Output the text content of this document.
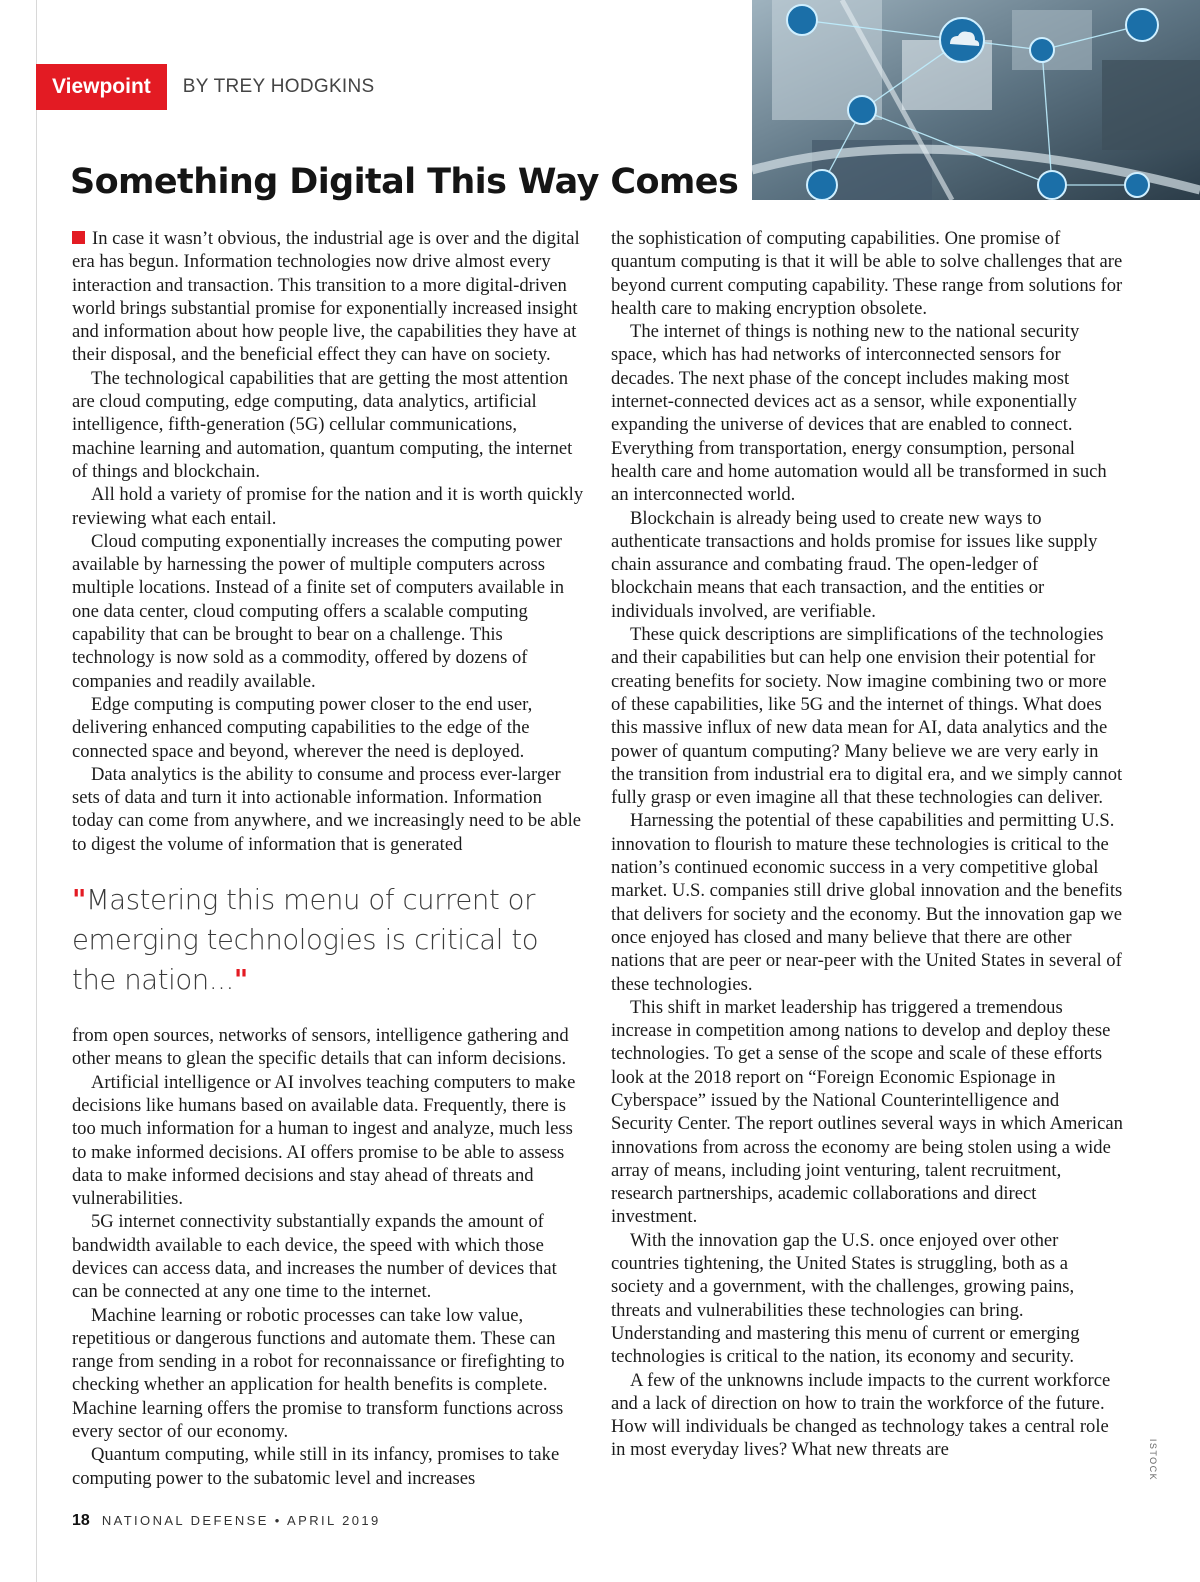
Viewpoint	BY TREY HODGKINS
Something Digital This Way Comes

In case it wasn’t obvious, the industrial age is over and the digital era has begun. Information technologies now drive almost every interaction and transaction. This transition to a more digital-driven world brings substantial promise for exponentially increased insight and information about how people live, the capabilities they have at their disposal, and the beneficial effect they can have on society.

The technological capabilities that are getting the most attention are cloud computing, edge computing, data analytics, artificial intelligence, fifth-generation (5G) cellular communications, machine learning and automation, quantum computing, the internet of things and blockchain.

All hold a variety of promise for the nation and it is worth quickly reviewing what each entail.

Cloud computing exponentially increases the computing power available by harnessing the power of multiple computers across multiple locations. Instead of a finite set of computers available in one data center, cloud computing offers a scalable computing capability that can be brought to bear on a challenge. This technology is now sold as a commodity, offered by dozens of companies and readily available.

Edge computing is computing power closer to the end user, delivering enhanced computing capabilities to the edge of the connected space and beyond, wherever the need is deployed.

Data analytics is the ability to consume and process ever-larger sets of data and turn it into actionable information. Information today can come from anywhere, and we increasingly need to be able to digest the volume of information that is generated

"Mastering this menu of current or emerging technologies is critical to the nation..."

from open sources, networks of sensors, intelligence gathering and other means to glean the specific details that can inform decisions.

Artificial intelligence or AI involves teaching computers to make decisions like humans based on available data. Frequently, there is too much information for a human to ingest and analyze, much less to make informed decisions. AI offers promise to be able to assess data to make informed decisions and stay ahead of threats and vulnerabilities.

5G internet connectivity substantially expands the amount of bandwidth available to each device, the speed with which those devices can access data, and increases the number of devices that can be connected at any one time to the internet.

Machine learning or robotic processes can take low value, repetitious or dangerous functions and automate them. These can range from sending in a robot for reconnaissance or firefighting to checking whether an application for health benefits is complete. Machine learning offers the promise to transform functions across every sector of our economy.

Quantum computing, while still in its infancy, promises to take computing power to the subatomic level and increases

the sophistication of computing capabilities. One promise of quantum computing is that it will be able to solve challenges that are beyond current computing capability. These range from solutions for health care to making encryption obsolete.

The internet of things is nothing new to the national security space, which has had networks of interconnected sensors for decades. The next phase of the concept includes making most internet-connected devices act as a sensor, while exponentially expanding the universe of devices that are enabled to connect. Everything from transportation, energy consumption, personal health care and home automation would all be transformed in such an interconnected world.

Blockchain is already being used to create new ways to authenticate transactions and holds promise for issues like supply chain assurance and combating fraud. The open-ledger of blockchain means that each transaction, and the entities or individuals involved, are verifiable.

These quick descriptions are simplifications of the technologies and their capabilities but can help one envision their potential for creating benefits for society. Now imagine combining two or more of these capabilities, like 5G and the internet of things. What does this massive influx of new data mean for AI, data analytics and the power of quantum computing? Many believe we are very early in the transition from industrial era to digital era, and we simply cannot fully grasp or even imagine all that these technologies can deliver.

Harnessing the potential of these capabilities and permitting U.S. innovation to flourish to mature these technologies is critical to the nation’s continued economic success in a very competitive global market. U.S. companies still drive global innovation and the benefits that delivers for society and the economy. But the innovation gap we once enjoyed has closed and many believe that there are other nations that are peer or near-peer with the United States in several of these technologies.

This shift in market leadership has triggered a tremendous increase in competition among nations to develop and deploy these technologies. To get a sense of the scope and scale of these efforts look at the 2018 report on “Foreign Economic Espionage in Cyberspace” issued by the National Counterintelligence and Security Center. The report outlines several ways in which American innovations from across the economy are being stolen using a wide array of means, including joint venturing, talent recruitment, research partnerships, academic collaborations and direct investment.

With the innovation gap the U.S. once enjoyed over other countries tightening, the United States is struggling, both as a society and a government, with the challenges, growing pains, threats and vulnerabilities these technologies can bring. Understanding and mastering this menu of current or emerging technologies is critical to the nation, its economy and security.

A few of the unknowns include impacts to the current workforce and a lack of direction on how to train the workforce of the future. How will individuals be changed as technology takes a central role in most everyday lives? What new threats are	ISTOCK
18 NATIONAL DEFENSE • APRIL 2019
